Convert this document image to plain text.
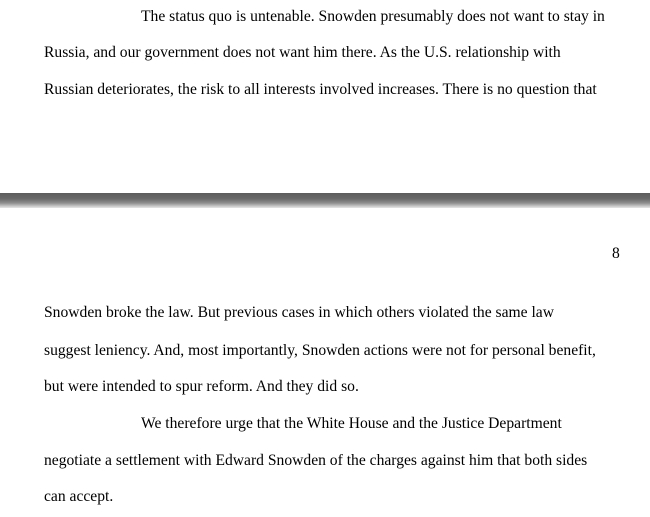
The status quo is untenable. Snowden presumably does not want to stay in
Russia, and our government does not want him there. As the U.S. relationship with
Russian deteriorates, the risk to all interests involved increases. There is no question that
8
Snowden broke the law. But previous cases in which others violated the same law
suggest leniency. And, most importantly, Snowden actions were not for personal benefit,
but were intended to spur reform. And they did so.
We therefore urge that the White House and the Justice Department
negotiate a settlement with Edward Snowden of the charges against him that both sides
can accept.
